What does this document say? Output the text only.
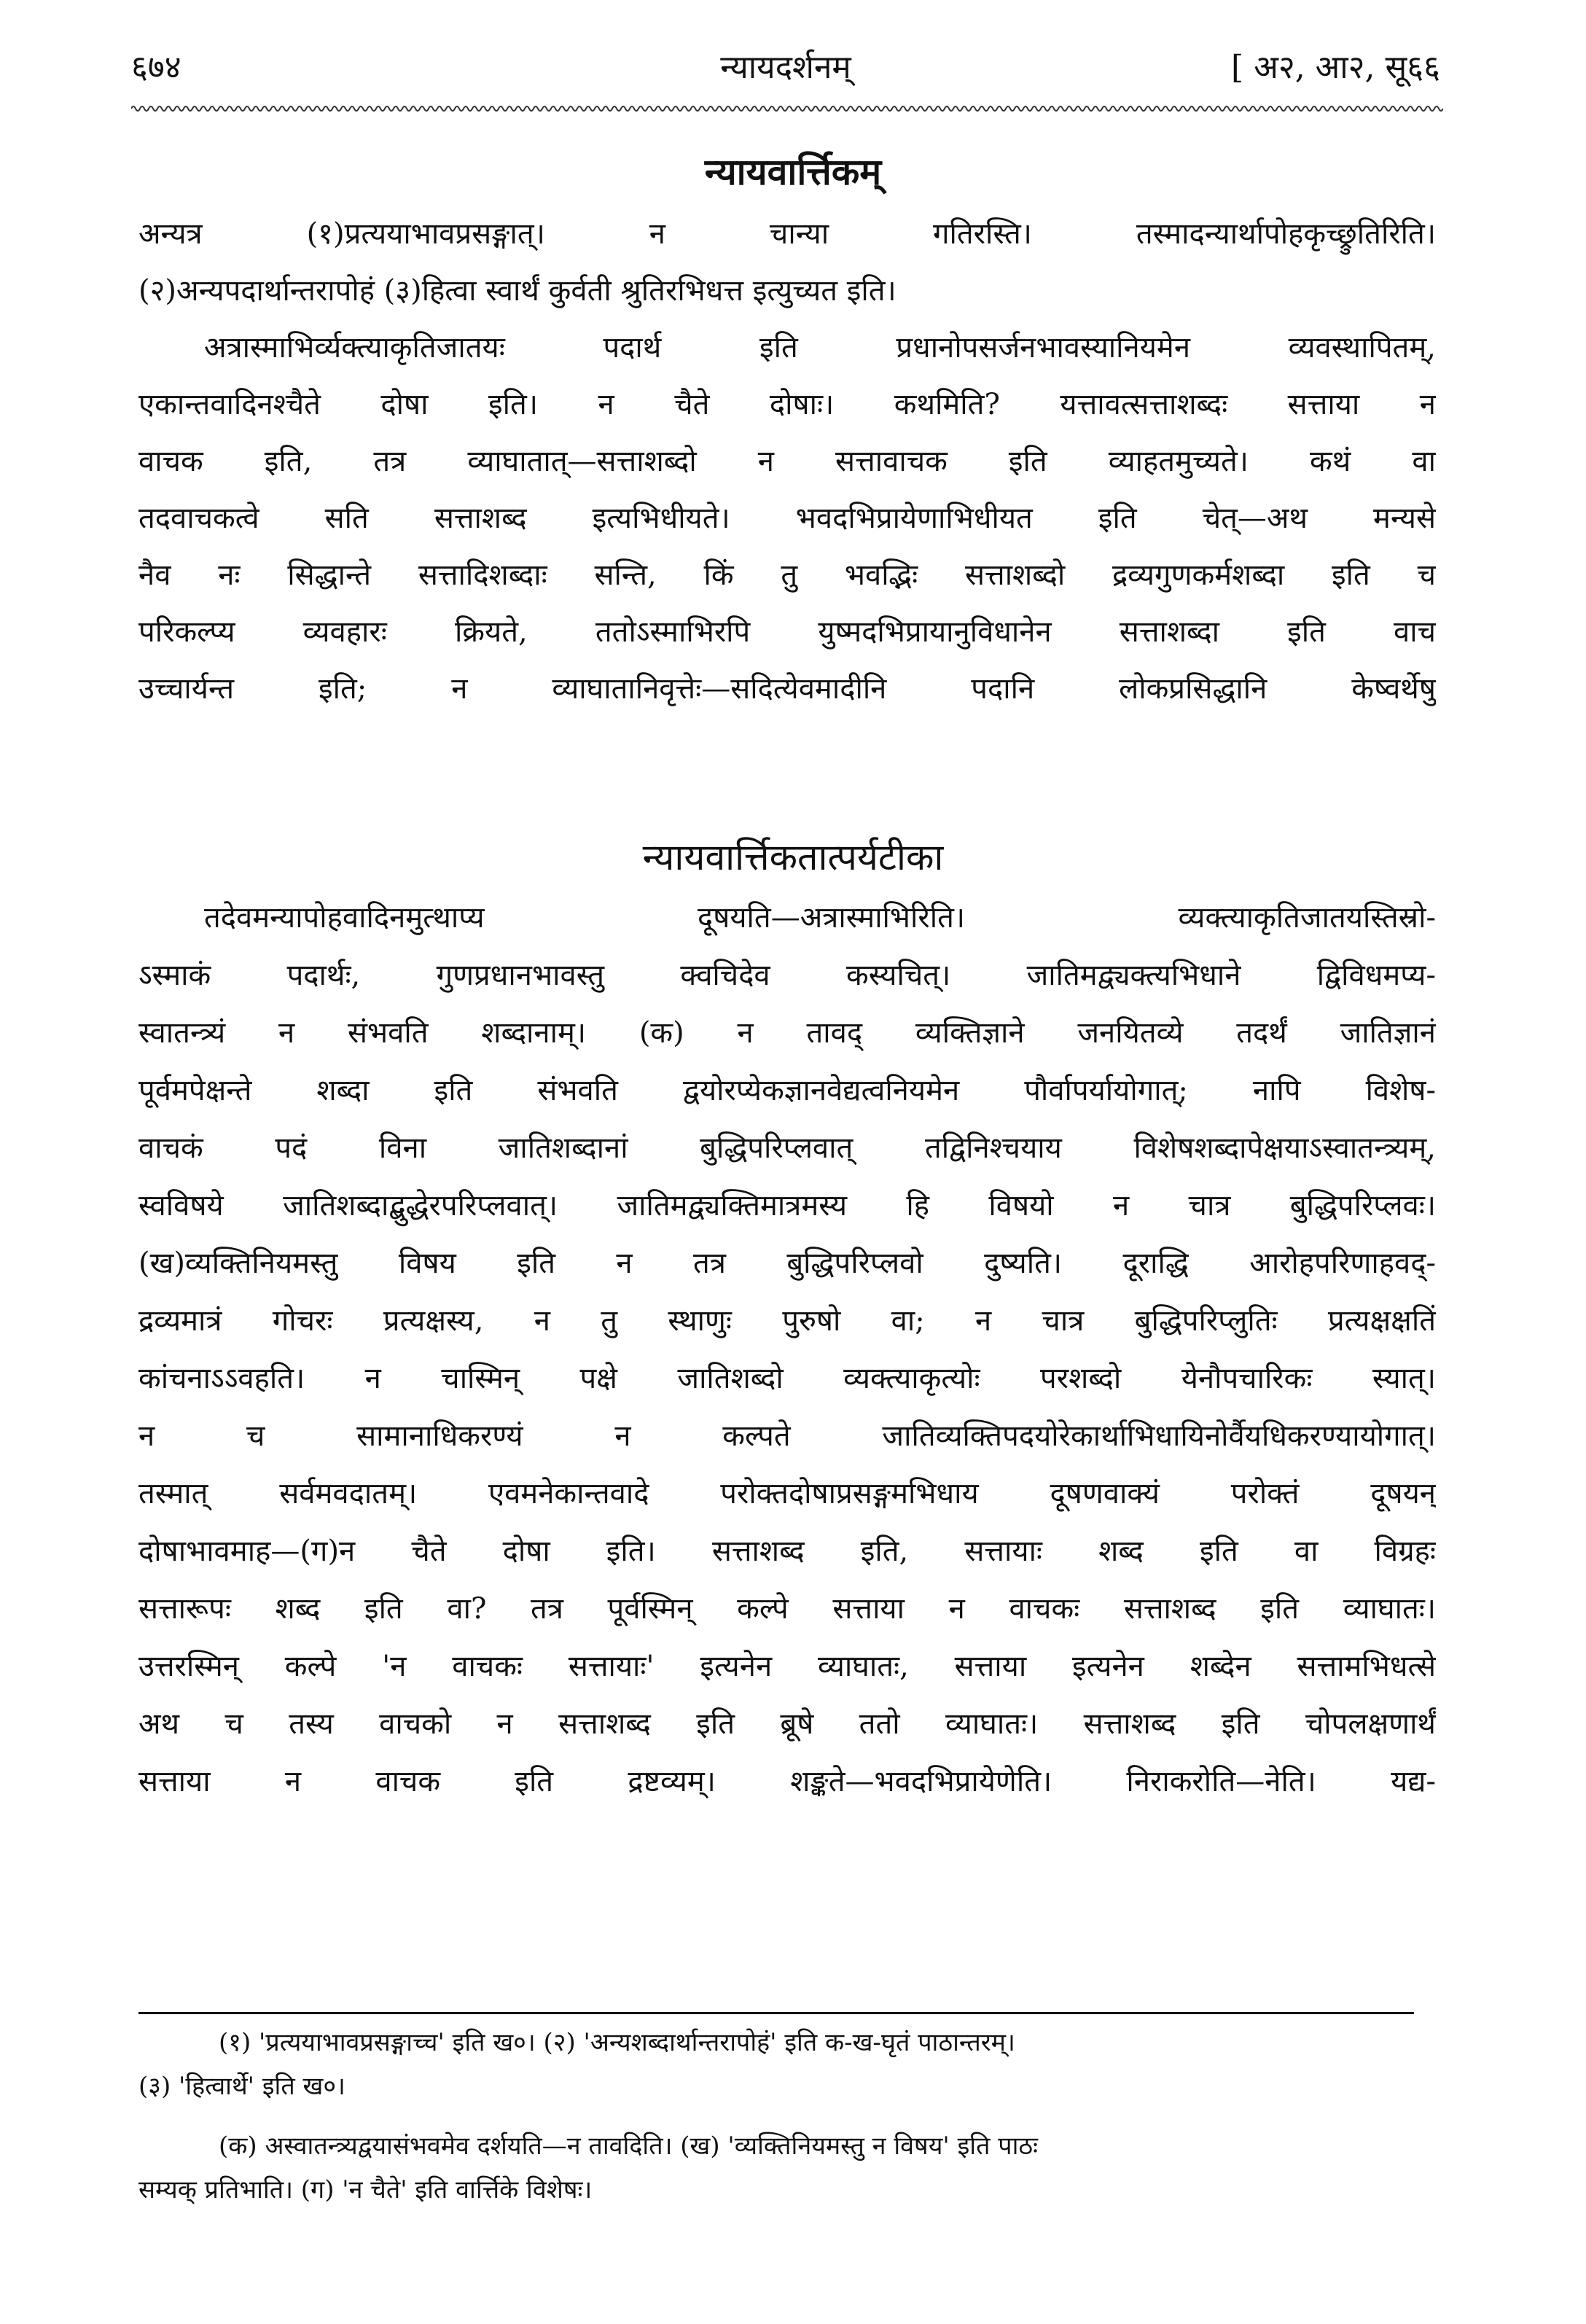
६७४	न्यायदर्शनम्	[ अ२, आ२, सू६६
न्यायवार्त्तिकम्
अन्यत्र (१)प्रत्ययाभावप्रसङ्गात्। न चान्या गतिरस्ति। तस्मादन्यार्थापोहकृच्छ्रुतिरिति।
(२)अन्यपदार्थान्तरापोहं (३)हित्वा स्वार्थं कुर्वती श्रुतिरभिधत्त इत्युच्यत इति।
अत्रास्माभिर्व्यक्त्याकृतिजातयः पदार्थ इति प्रधानोपसर्जनभावस्यानियमेन व्यवस्थापितम्,
एकान्तवादिनश्चैते दोषा इति। न चैते दोषाः। कथमिति? यत्तावत्सत्ताशब्दः सत्ताया न
वाचक इति, तत्र व्याघातात्—सत्ताशब्दो न सत्तावाचक इति व्याहतमुच्यते। कथं वा
तदवाचकत्वे सति सत्ताशब्द इत्यभिधीयते। भवदभिप्रायेणाभिधीयत इति चेत्—अथ मन्यसे
नैव नः सिद्धान्ते सत्तादिशब्दाः सन्ति, किं तु भवद्भिः सत्ताशब्दो द्रव्यगुणकर्मशब्दा इति च
परिकल्प्य व्यवहारः क्रियते, ततोऽस्माभिरपि युष्मदभिप्रायानुविधानेन सत्ताशब्दा इति वाच
उच्चार्यन्त इति; न व्याघातानिवृत्तेः—सदित्येवमादीनि पदानि लोकप्रसिद्धानि केष्वर्थेषु
न्यायवार्त्तिकतात्पर्यटीका
तदेवमन्यापोहवादिनमुत्थाप्य दूषयति—अत्रास्माभिरिति। व्यक्त्याकृतिजातयस्तिस्रो-
ऽस्माकं पदार्थः, गुणप्रधानभावस्तु क्वचिदेव कस्यचित्। जातिमद्व्यक्त्यभिधाने द्विविधमप्य-
स्वातन्त्र्यं न संभवति शब्दानाम्। (क) न तावद् व्यक्तिज्ञाने जनयितव्ये तदर्थं जातिज्ञानं
पूर्वमपेक्षन्ते शब्दा इति संभवति द्वयोरप्येकज्ञानवेद्यत्वनियमेन पौर्वापर्यायोगात्; नापि विशेष-
वाचकं पदं विना जातिशब्दानां बुद्धिपरिप्लवात् तद्विनिश्चयाय विशेषशब्दापेक्षयाऽस्वातन्त्र्यम्,
स्वविषये जातिशब्दाद्बुद्धेरपरिप्लवात्। जातिमद्व्यक्तिमात्रमस्य हि विषयो न चात्र बुद्धिपरिप्लवः।
(ख)व्यक्तिनियमस्तु विषय इति न तत्र बुद्धिपरिप्लवो दुष्यति। दूराद्धि आरोहपरिणाहवद्-
द्रव्यमात्रं गोचरः प्रत्यक्षस्य, न तु स्थाणुः पुरुषो वा; न चात्र बुद्धिपरिप्लुतिः प्रत्यक्षक्षतिं
कांचनाऽऽवहति। न चास्मिन् पक्षे जातिशब्दो व्यक्त्याकृत्योः परशब्दो येनौपचारिकः स्यात्।
न च सामानाधिकरण्यं न कल्पते जातिव्यक्तिपदयोरेकार्थाभिधायिनोर्वैयधिकरण्यायोगात्।
तस्मात् सर्वमवदातम्। एवमनेकान्तवादे परोक्तदोषाप्रसङ्गमभिधाय दूषणवाक्यं परोक्तं दूषयन्
दोषाभावमाह—(ग)न चैते दोषा इति। सत्ताशब्द इति, सत्तायाः शब्द इति वा विग्रहः
सत्तारूपः शब्द इति वा? तत्र पूर्वस्मिन् कल्पे सत्ताया न वाचकः सत्ताशब्द इति व्याघातः।
उत्तरस्मिन् कल्पे 'न वाचकः सत्तायाः' इत्यनेन व्याघातः, सत्ताया इत्यनेन शब्देन सत्तामभिधत्से
अथ च तस्य वाचको न सत्ताशब्द इति ब्रूषे ततो व्याघातः। सत्ताशब्द इति चोपलक्षणार्थं
सत्ताया न वाचक इति द्रष्टव्यम्। शङ्कते—भवदभिप्रायेणेति। निराकरोति—नेति। यद्य-
(१) 'प्रत्ययाभावप्रसङ्गाच्च' इति ख०। (२) 'अन्यशब्दार्थान्तरापोहं' इति क-ख-घृतं पाठान्तरम्।
(३) 'हित्वार्थे' इति ख०।
(क) अस्वातन्त्र्यद्वयासंभवमेव दर्शयति—न तावदिति। (ख) 'व्यक्तिनियमस्तु न विषय' इति पाठः
सम्यक् प्रतिभाति। (ग) 'न चैते' इति वार्त्तिके विशेषः।
